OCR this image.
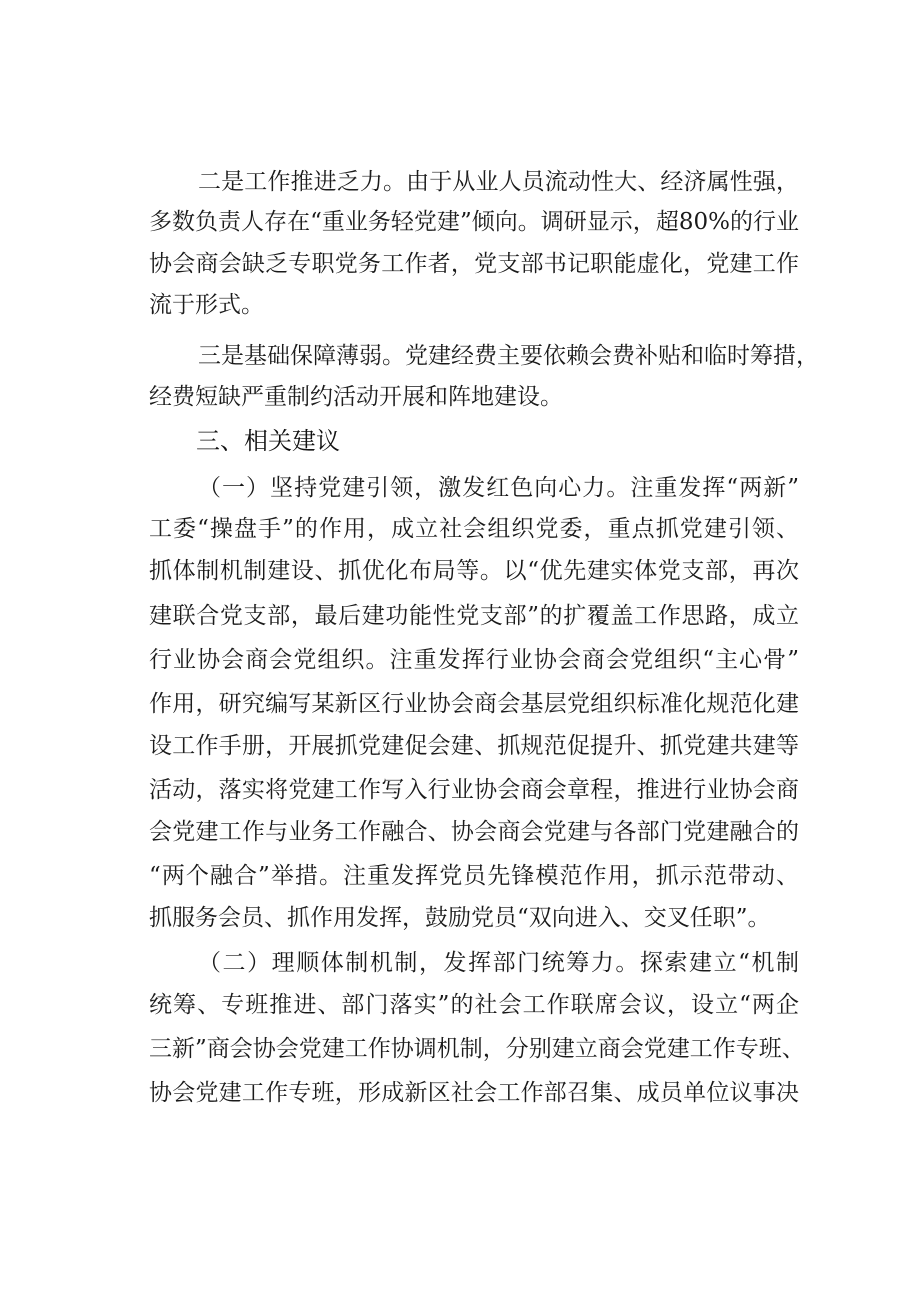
二是工作推进乏力。由于从业人员流动性大、经济属性强，
多数负责人存在“重业务轻党建”倾向。调研显示，超80%的行业
协会商会缺乏专职党务工作者，党支部书记职能虚化，党建工作
流于形式。
三是基础保障薄弱。党建经费主要依赖会费补贴和临时筹措，
经费短缺严重制约活动开展和阵地建设。
三、相关建议
（一）坚持党建引领，激发红色向心力。注重发挥“两新”
工委“操盘手”的作用，成立社会组织党委，重点抓党建引领、
抓体制机制建设、抓优化布局等。以“优先建实体党支部，再次
建联合党支部，最后建功能性党支部”的扩覆盖工作思路，成立
行业协会商会党组织。注重发挥行业协会商会党组织“主心骨”
作用，研究编写某新区行业协会商会基层党组织标准化规范化建
设工作手册，开展抓党建促会建、抓规范促提升、抓党建共建等
活动，落实将党建工作写入行业协会商会章程，推进行业协会商
会党建工作与业务工作融合、协会商会党建与各部门党建融合的
“两个融合”举措。注重发挥党员先锋模范作用，抓示范带动、
抓服务会员、抓作用发挥，鼓励党员“双向进入、交叉任职”。
（二）理顺体制机制，发挥部门统筹力。探索建立“机制
统筹、专班推进、部门落实”的社会工作联席会议，设立“两企
三新”商会协会党建工作协调机制，分别建立商会党建工作专班、
协会党建工作专班，形成新区社会工作部召集、成员单位议事决
